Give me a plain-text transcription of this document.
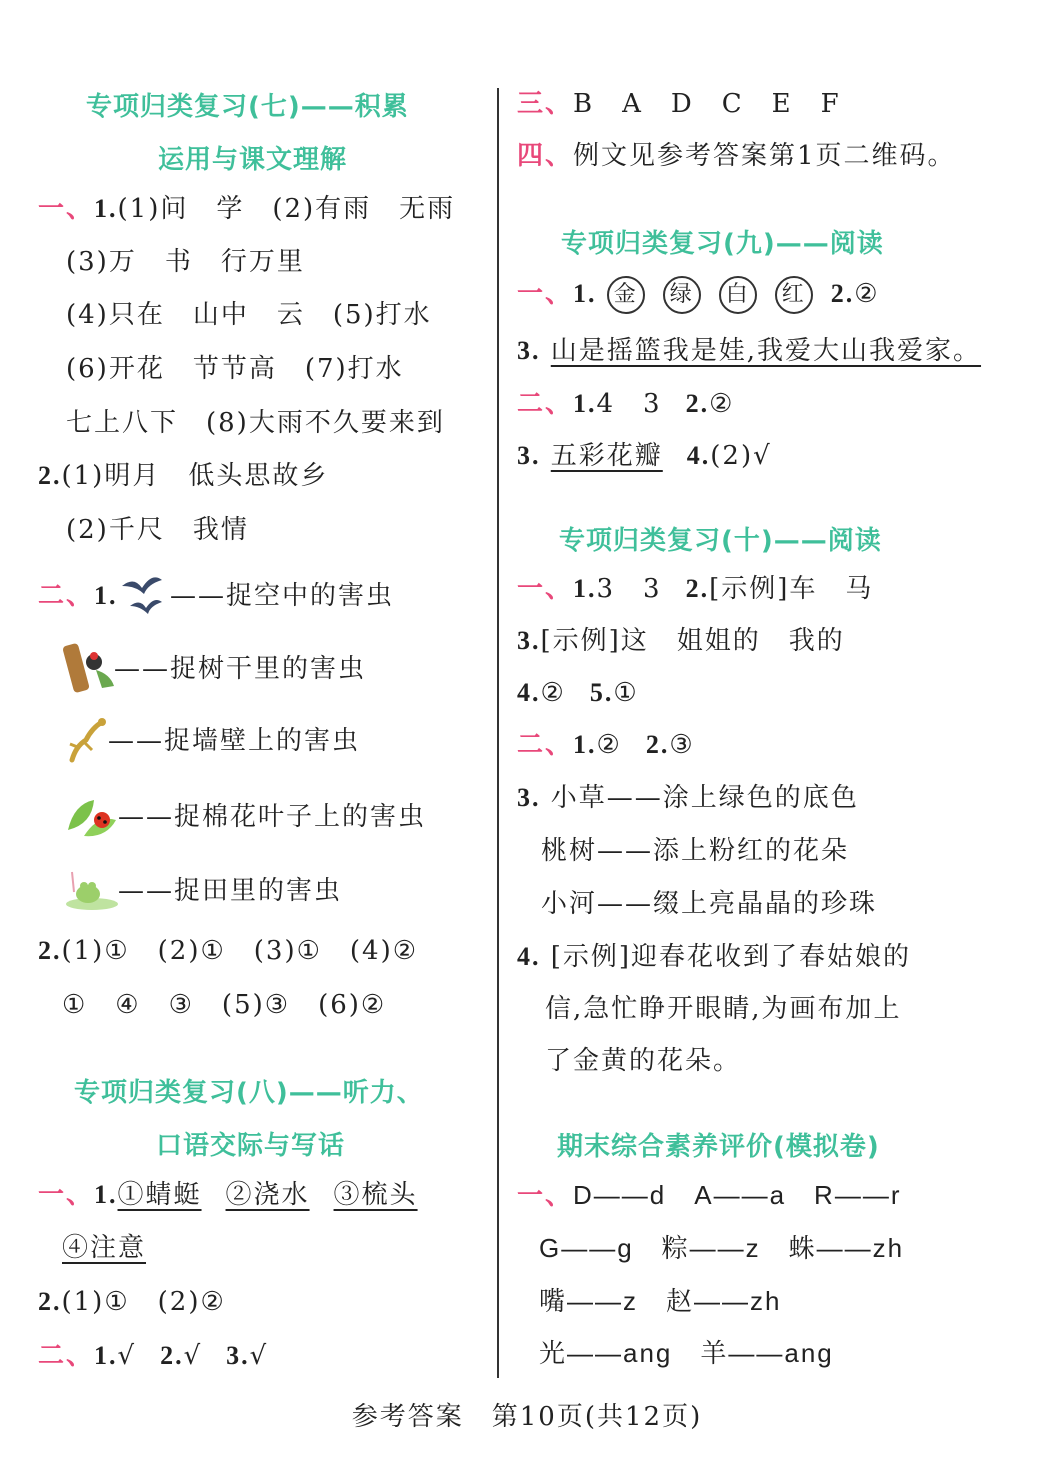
专项归类复习(七)——积累
运用与课文理解
一、1.(1)问　学　(2)有雨　无雨
(3)万　书　行万里
(4)只在　山中　云　(5)打水
(6)开花　节节高　(7)打水
七上八下　(8)大雨不久要来到
2.(1)明月　低头思故乡
(2)千尺　我情
二、1. ——捉空中的害虫
——捉树干里的害虫
——捉墙壁上的害虫
——捉棉花叶子上的害虫
——捉田里的害虫
2.(1)①　(2)①　(3)①　(4)②
①　④　③　(5)③　(6)②
专项归类复习(八)——听力、
口语交际与写话
一、1.①蜻蜓 ②浇水 ③梳头
④注意
2.(1)①　(2)②
二、1.√ 2.√ 3.√
三、B　A　D　C　E　F
四、例文见参考答案第1页二维码。
专项归类复习(九)——阅读
一、1. 金 绿 白 红 2.②
3. 山是摇篮我是娃,我爱大山我爱家。
二、1.4　3 2.②
3. 五彩花瓣 4.(2)√
专项归类复习(十)——阅读
一、1.3　3 2.[示例]车　马
3.[示例]这　姐姐的　我的
4.② 5.①
二、1.② 2.③
3. 小草——涂上绿色的底色
桃树——添上粉红的花朵
小河——缀上亮晶晶的珍珠
4. [示例]迎春花收到了春姑娘的
信,急忙睁开眼睛,为画布加上
了金黄的花朵。
期末综合素养评价(模拟卷)
一、D——d　A——a　R——r
G——g　粽——z　蛛——zh
嘴——z　赵——zh
光——ang　羊——ang
参考答案　第10页(共12页)
